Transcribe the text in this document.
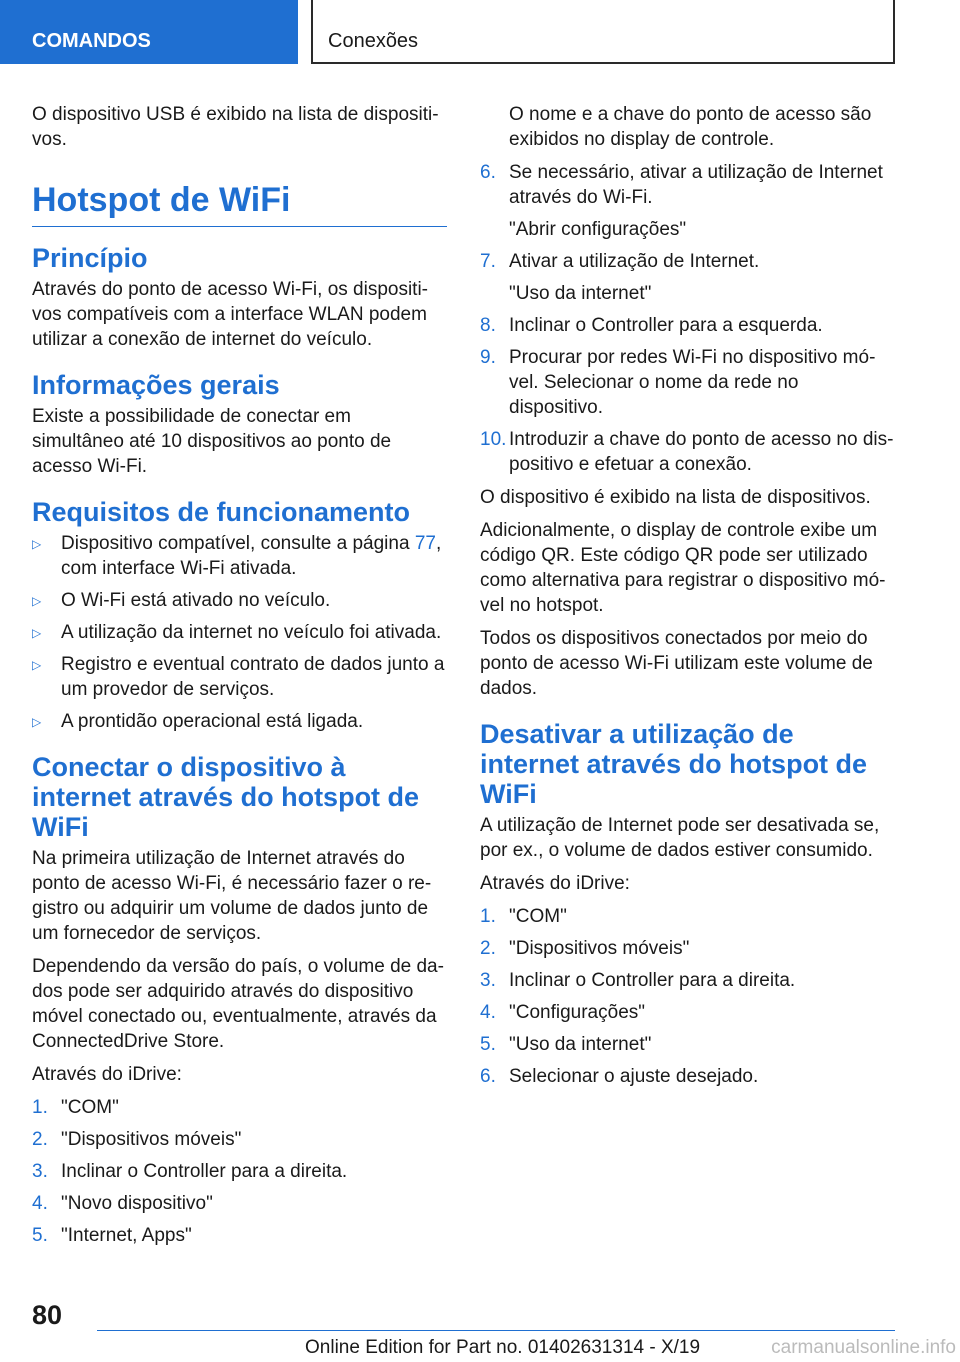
COMANDOS	Conexões

O dispositivo USB é exibido na lista de dispositi-vos.

Hotspot de WiFi
Princípio

Através do ponto de acesso Wi-Fi, os dispositi-vos compatíveis com a interface WLAN podem utilizar a conexão de internet do veículo.

Informações gerais

Existe a possibilidade de conectar em simultâneo até 10 dispositivos ao ponto de acesso Wi-Fi.

Requisitos de funcionamento
▷ Dispositivo compatível, consulte a página 77, com interface Wi-Fi ativada.
▷ O Wi-Fi está ativado no veículo.
▷ A utilização da internet no veículo foi ativada.
▷ Registro e eventual contrato de dados junto a um provedor de serviços.
▷ A prontidão operacional está ligada.
Conectar o dispositivo à internet através do hotspot de WiFi

Na primeira utilização de Internet através do ponto de acesso Wi-Fi, é necessário fazer o re-gistro ou adquirir um volume de dados junto de um fornecedor de serviços.

Dependendo da versão do país, o volume de da-dos pode ser adquirido através do dispositivo móvel conectado ou, eventualmente, através da ConnectedDrive Store.

Através do iDrive:

1. "COM"
2. "Dispositivos móveis"
3. Inclinar o Controller para a direita.
4. "Novo dispositivo"
5. "Internet, Apps"

O nome e a chave do ponto de acesso são exibidos no display de controle.

6. Se necessário, ativar a utilização de Internet através do Wi-Fi.
"Abrir configurações"
7. Ativar a utilização de Internet.
"Uso da internet"
8. Inclinar o Controller para a esquerda.
9. Procurar por redes Wi-Fi no dispositivo mó-vel. Selecionar o nome da rede no dispositivo.
10. Introduzir a chave do ponto de acesso no dis-positivo e efetuar a conexão.

O dispositivo é exibido na lista de dispositivos.

Adicionalmente, o display de controle exibe um código QR. Este código QR pode ser utilizado como alternativa para registrar o dispositivo mó-vel no hotspot.

Todos os dispositivos conectados por meio do ponto de acesso Wi-Fi utilizam este volume de dados.

Desativar a utilização de internet através do hotspot de WiFi

A utilização de Internet pode ser desativada se, por ex., o volume de dados estiver consumido.

Através do iDrive:

1. "COM"
2. "Dispositivos móveis"
3. Inclinar o Controller para a direita.
4. "Configurações"
5. "Uso da internet"
6. Selecionar o ajuste desejado.
80
Online Edition for Part no. 01402631314 - X/19	carmanualsonline.info
